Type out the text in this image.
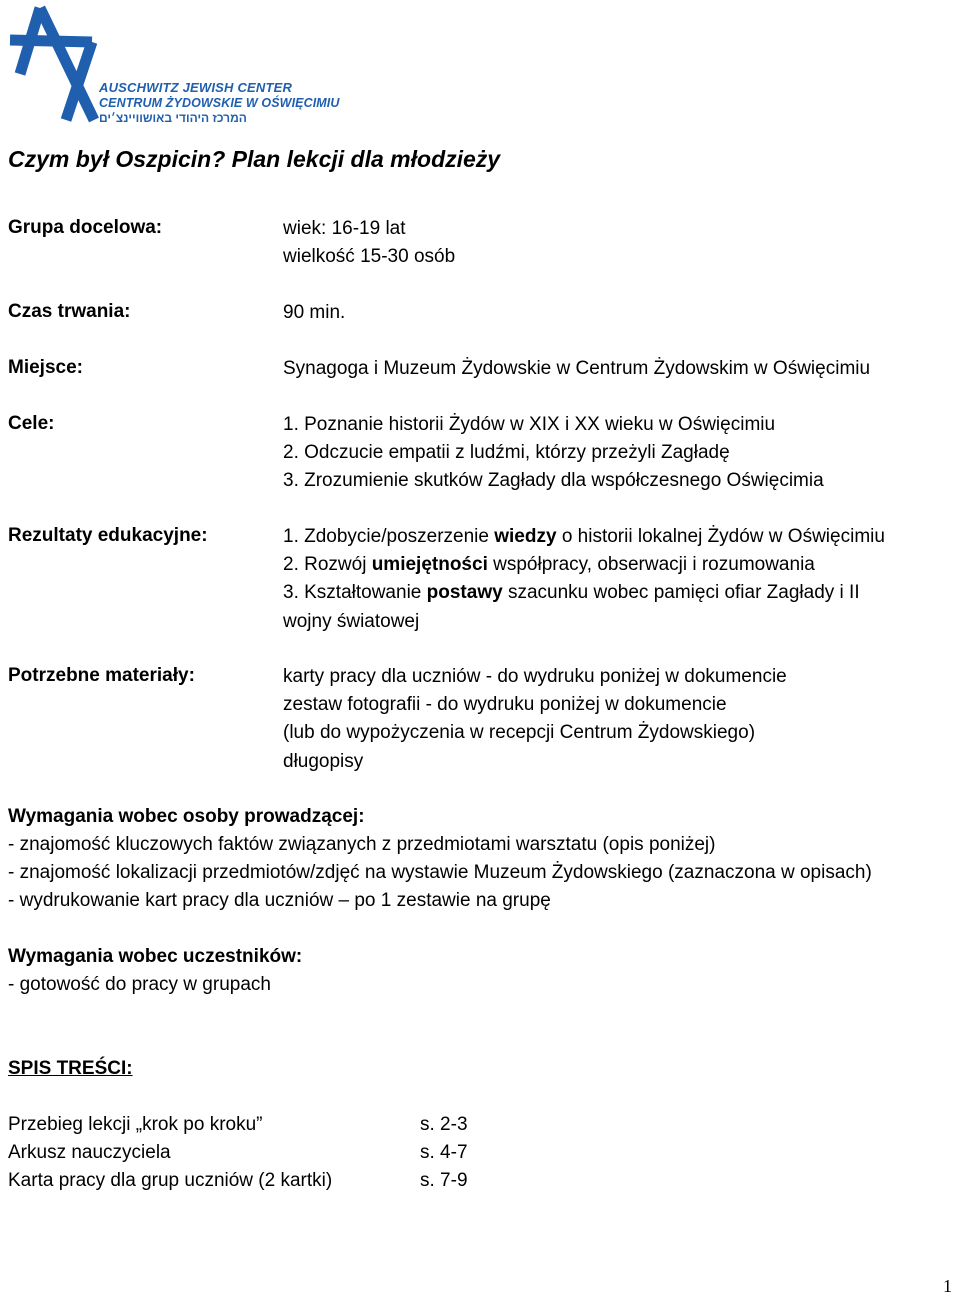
AUSCHWITZ JEWISH CENTER
CENTRUM ŻYDOWSKIE W OŚWIĘCIMIU
המרכז היהודי באושוויינצ׳ים
Czym był Oszpicin? Plan lekcji dla młodzieży
Grupa docelowa:	wiek: 16-19 lat
wielkość 15-30 osób
Czas trwania:	90 min.
Miejsce:	Synagoga i Muzeum Żydowskie w Centrum Żydowskim w Oświęcimiu
Cele:	1. Poznanie historii Żydów w XIX i XX wieku w Oświęcimiu
2. Odczucie empatii z ludźmi, którzy przeżyli Zagładę
3. Zrozumienie skutków Zagłady dla współczesnego Oświęcimia
Rezultaty edukacyjne:	1. Zdobycie/poszerzenie wiedzy o historii lokalnej Żydów w Oświęcimiu
2. Rozwój umiejętności współpracy, obserwacji i rozumowania
3. Kształtowanie postawy szacunku wobec pamięci ofiar Zagłady i II
wojny światowej
Potrzebne materiały:	karty pracy dla uczniów - do wydruku poniżej w dokumencie
zestaw fotografii - do wydruku poniżej w dokumencie
(lub do wypożyczenia w recepcji Centrum Żydowskiego)
długopisy
Wymagania wobec osoby prowadzącej:
- znajomość kluczowych faktów związanych z przedmiotami warsztatu (opis poniżej)
- znajomość lokalizacji przedmiotów/zdjęć na wystawie Muzeum Żydowskiego (zaznaczona w opisach)
- wydrukowanie kart pracy dla uczniów – po 1 zestawie na grupę
Wymagania wobec uczestników:
- gotowość do pracy w grupach
SPIS TREŚCI:
Przebieg lekcji „krok po kroku”	s. 2-3
Arkusz nauczyciela	s. 4-7
Karta pracy dla grup uczniów (2 kartki)	s. 7-9
1
